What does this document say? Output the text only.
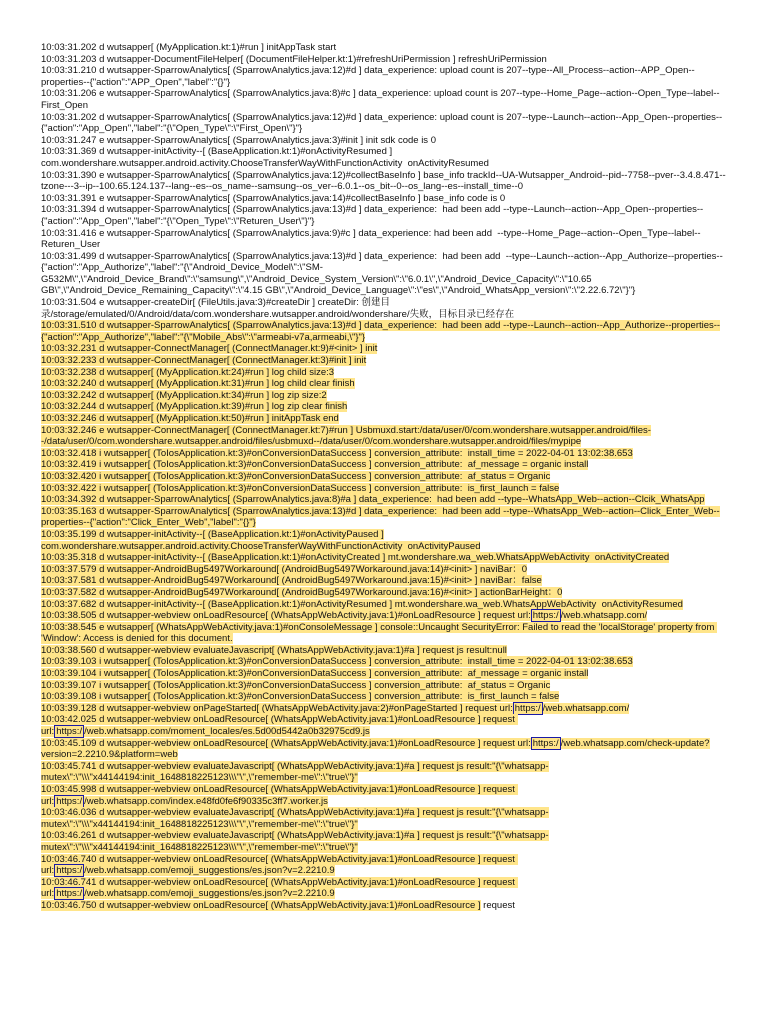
10:03:31.202 d wutsapper[ (MyApplication.kt:1)#run ] initAppTask start
10:03:31.203 d wutsapper-DocumentFileHelper[ (DocumentFileHelper.kt:1)#refreshUriPermission ] refreshUriPermission
10:03:31.210 d wutsapper-SparrowAnalytics[ (SparrowAnalytics.java:12)#d ] data_experience: upload count is 207--type--All_Process--action--APP_Open--properties--{"action":"APP_Open","label":"{}"}
10:03:31.206 e wutsapper-SparrowAnalytics[ (SparrowAnalytics.java:8)#c ] data_experience: upload count is 207--type--Home_Page--action--Open_Type--label--First_Open
10:03:31.202 d wutsapper-SparrowAnalytics[ (SparrowAnalytics.java:12)#d ] data_experience: upload count is 207--type--Launch--action--App_Open--properties--{"action":"App_Open","label":"{\"Open_Type\":\"First_Open\"}"}
10:03:31.247 e wutsapper-SparrowAnalytics[ (SparrowAnalytics.java:3)#init ] init sdk code is 0
10:03:31.369 d wutsapper-initActivity--[ (BaseApplication.kt:1)#onActivityResumed ]
com.wondershare.wutsapper.android.activity.ChooseTransferWayWithFunctionActivity  onActivityResumed
10:03:31.390 e wutsapper-SparrowAnalytics[ (SparrowAnalytics.java:12)#collectBaseInfo ] base_info trackId--UA-Wutsapper_Android--pid--7758--pver--3.4.8.471--tzone---3--ip--100.65.124.137--lang--es--os_name--samsung--os_ver--6.0.1--os_bit--0--os_lang--es--install_time--0
10:03:31.391 e wutsapper-SparrowAnalytics[ (SparrowAnalytics.java:14)#collectBaseInfo ] base_info code is 0
10:03:31.394 d wutsapper-SparrowAnalytics[ (SparrowAnalytics.java:13)#d ] data_experience:  had been add --type--Launch--action--App_Open--properties--{"action":"App_Open","label":"{\"Open_Type\":\"Returen_User\"}"}
10:03:31.416 e wutsapper-SparrowAnalytics[ (SparrowAnalytics.java:9)#c ] data_experience: had been add  --type--Home_Page--action--Open_Type--label--Returen_User
10:03:31.499 d wutsapper-SparrowAnalytics[ (SparrowAnalytics.java:13)#d ] data_experience:  had been add  --type--Launch--action--App_Authorize--properties--{"action":"App_Authorize","label":"{\"Android_Device_Model\":\"SM-G532M\",\"Android_Device_Brand\":\"samsung\",\"Android_Device_System_Version\":\"6.0.1\",\"Android_Device_Capacity\":\"10.65 GB\",\"Android_Device_Remaining_Capacity\":\"4.15 GB\",\"Android_Device_Language\":\"es\",\"Android_WhatsApp_version\":\"2.22.6.72\"}"}
10:03:31.504 e wutsapper-createDir[ (FileUtils.java:3)#createDir ] createDir: 创建目录/storage/emulated/0/Android/data/com.wondershare.wutsapper.android/wondershare/失败，目标目录已经存在
10:03:31.510 d wutsapper-SparrowAnalytics[ (SparrowAnalytics.java:13)#d ] data_experience:  had been add --type--Launch--action--App_Authorize--properties--{"action":"App_Authorize","label":"{\"Mobile_Abs\":\"armeabi-v7a,armeabi,\"}"}
10:03:32.231 d wutsapper-ConnectManager[ (ConnectManager.kt:9)#<init> ] init
10:03:32.233 d wutsapper-ConnectManager[ (ConnectManager.kt:3)#init ] init
10:03:32.238 d wutsapper[ (MyApplication.kt:24)#run ] log child size:3
10:03:32.240 d wutsapper[ (MyApplication.kt:31)#run ] log child clear finish
10:03:32.242 d wutsapper[ (MyApplication.kt:34)#run ] log zip size:2
10:03:32.244 d wutsapper[ (MyApplication.kt:39)#run ] log zip clear finish
10:03:32.246 d wutsapper[ (MyApplication.kt:50)#run ] initAppTask end
10:03:32.246 e wutsapper-ConnectManager[ (ConnectManager.kt:7)#run ] Usbmuxd.start:/data/user/0/com.wondershare.wutsapper.android/files--/data/user/0/com.wondershare.wutsapper.android/files/usbmuxd--/data/user/0/com.wondershare.wutsapper.android/files/mypipe
10:03:32.418 i wutsapper[ (ToIosApplication.kt:3)#onConversionDataSuccess ] conversion_attribute:  install_time = 2022-04-01 13:02:38.653
10:03:32.419 i wutsapper[ (ToIosApplication.kt:3)#onConversionDataSuccess ] conversion_attribute:  af_message = organic install
10:03:32.420 i wutsapper[ (ToIosApplication.kt:3)#onConversionDataSuccess ] conversion_attribute:  af_status = Organic
10:03:32.422 i wutsapper[ (ToIosApplication.kt:3)#onConversionDataSuccess ] conversion_attribute:  is_first_launch = false
10:03:34.392 d wutsapper-SparrowAnalytics[ (SparrowAnalytics.java:8)#a ] data_experience:  had been add --type--WhatsApp_Web--action--Clcik_WhatsApp
10:03:35.163 d wutsapper-SparrowAnalytics[ (SparrowAnalytics.java:13)#d ] data_experience:  had been add --type--WhatsApp_Web--action--Click_Enter_Web--properties--{"action":"Click_Enter_Web","label":"{}"}
10:03:35.199 d wutsapper-initActivity--[ (BaseApplication.kt:1)#onActivityPaused ]
com.wondershare.wutsapper.android.activity.ChooseTransferWayWithFunctionActivity  onActivityPaused
10:03:35.318 d wutsapper-initActivity--[ (BaseApplication.kt:1)#onActivityCreated ] mt.wondershare.wa_web.WhatsAppWebActivity  onActivityCreated
10:03:37.579 d wutsapper-AndroidBug5497Workaround[ (AndroidBug5497Workaround.java:14)#<init> ] naviBar：0
10:03:37.581 d wutsapper-AndroidBug5497Workaround[ (AndroidBug5497Workaround.java:15)#<init> ] naviBar：false
10:03:37.582 d wutsapper-AndroidBug5497Workaround[ (AndroidBug5497Workaround.java:16)#<init> ] actionBarHeight：0
10:03:37.682 d wutsapper-initActivity--[ (BaseApplication.kt:1)#onActivityResumed ] mt.wondershare.wa_web.WhatsAppWebActivity  onActivityResumed
10:03:38.505 d wutsapper-webview onLoadResource[ (WhatsAppWebActivity.java:1)#onLoadResource ] request url: https:/ /web.whatsapp.com/
10:03:38.545 e wutsapper[ (WhatsAppWebActivity.java:1)#onConsoleMessage ] console::Uncaught SecurityError: Failed to read the 'localStorage' property from 'Window': Access is denied for this document.
10:03:38.560 d wutsapper-webview evaluateJavascript[ (WhatsAppWebActivity.java:1)#a ] request js result:null
10:03:39.103 i wutsapper[ (ToIosApplication.kt:3)#onConversionDataSuccess ] conversion_attribute:  install_time = 2022-04-01 13:02:38.653
10:03:39.104 i wutsapper[ (ToIosApplication.kt:3)#onConversionDataSuccess ] conversion_attribute:  af_message = organic install
10:03:39.107 i wutsapper[ (ToIosApplication.kt:3)#onConversionDataSuccess ] conversion_attribute:  af_status = Organic
10:03:39.108 i wutsapper[ (ToIosApplication.kt:3)#onConversionDataSuccess ] conversion_attribute:  is_first_launch = false
10:03:39.128 d wutsapper-webview onPageStarted[ (WhatsAppWebActivity.java:2)#onPageStarted ] request url: https:/ /web.whatsapp.com/
10:03:42.025 d wutsapper-webview onLoadResource[ (WhatsAppWebActivity.java:1)#onLoadResource ] request url: https:/ /web.whatsapp.com/moment_locales/es.5d00d5442a0b32975cd9.js
10:03:45.109 d wutsapper-webview onLoadResource[ (WhatsAppWebActivity.java:1)#onLoadResource ] request url: https:/ /web.whatsapp.com/check-update?version=2.2210.9&platform=web
10:03:45.741 d wutsapper-webview evaluateJavascript[ (WhatsAppWebActivity.java:1)#a ] request js result:"{\"whatsapp-mutex\":\"\\\"x44144194:init_1648818225123\\\"\",\"remember-me\":\"true\"}"
10:03:45.998 d wutsapper-webview onLoadResource[ (WhatsAppWebActivity.java:1)#onLoadResource ] request url: https:/ /web.whatsapp.com/index.e48fd0fe6f90335c3ff7.worker.js
10:03:46.036 d wutsapper-webview evaluateJavascript[ (WhatsAppWebActivity.java:1)#a ] request js result:"{\"whatsapp-mutex\":\"\\\"x44144194:init_1648818225123\\\"\",\"remember-me\":\"true\"}"
10:03:46.261 d wutsapper-webview evaluateJavascript[ (WhatsAppWebActivity.java:1)#a ] request js result:"{\"whatsapp-mutex\":\"\\\"x44144194:init_1648818225123\\\"\",\"remember-me\":\"true\"}"
10:03:46.740 d wutsapper-webview onLoadResource[ (WhatsAppWebActivity.java:1)#onLoadResource ] request url: https:/ /web.whatsapp.com/emoji_suggestions/es.json?v=2.2210.9
10:03:46.741 d wutsapper-webview onLoadResource[ (WhatsAppWebActivity.java:1)#onLoadResource ] request url: https:/ /web.whatsapp.com/emoji_suggestions/es.json?v=2.2210.9
10:03:46.750 d wutsapper-webview onLoadResource[ (WhatsAppWebActivity.java:1)#onLoadResource ] request
